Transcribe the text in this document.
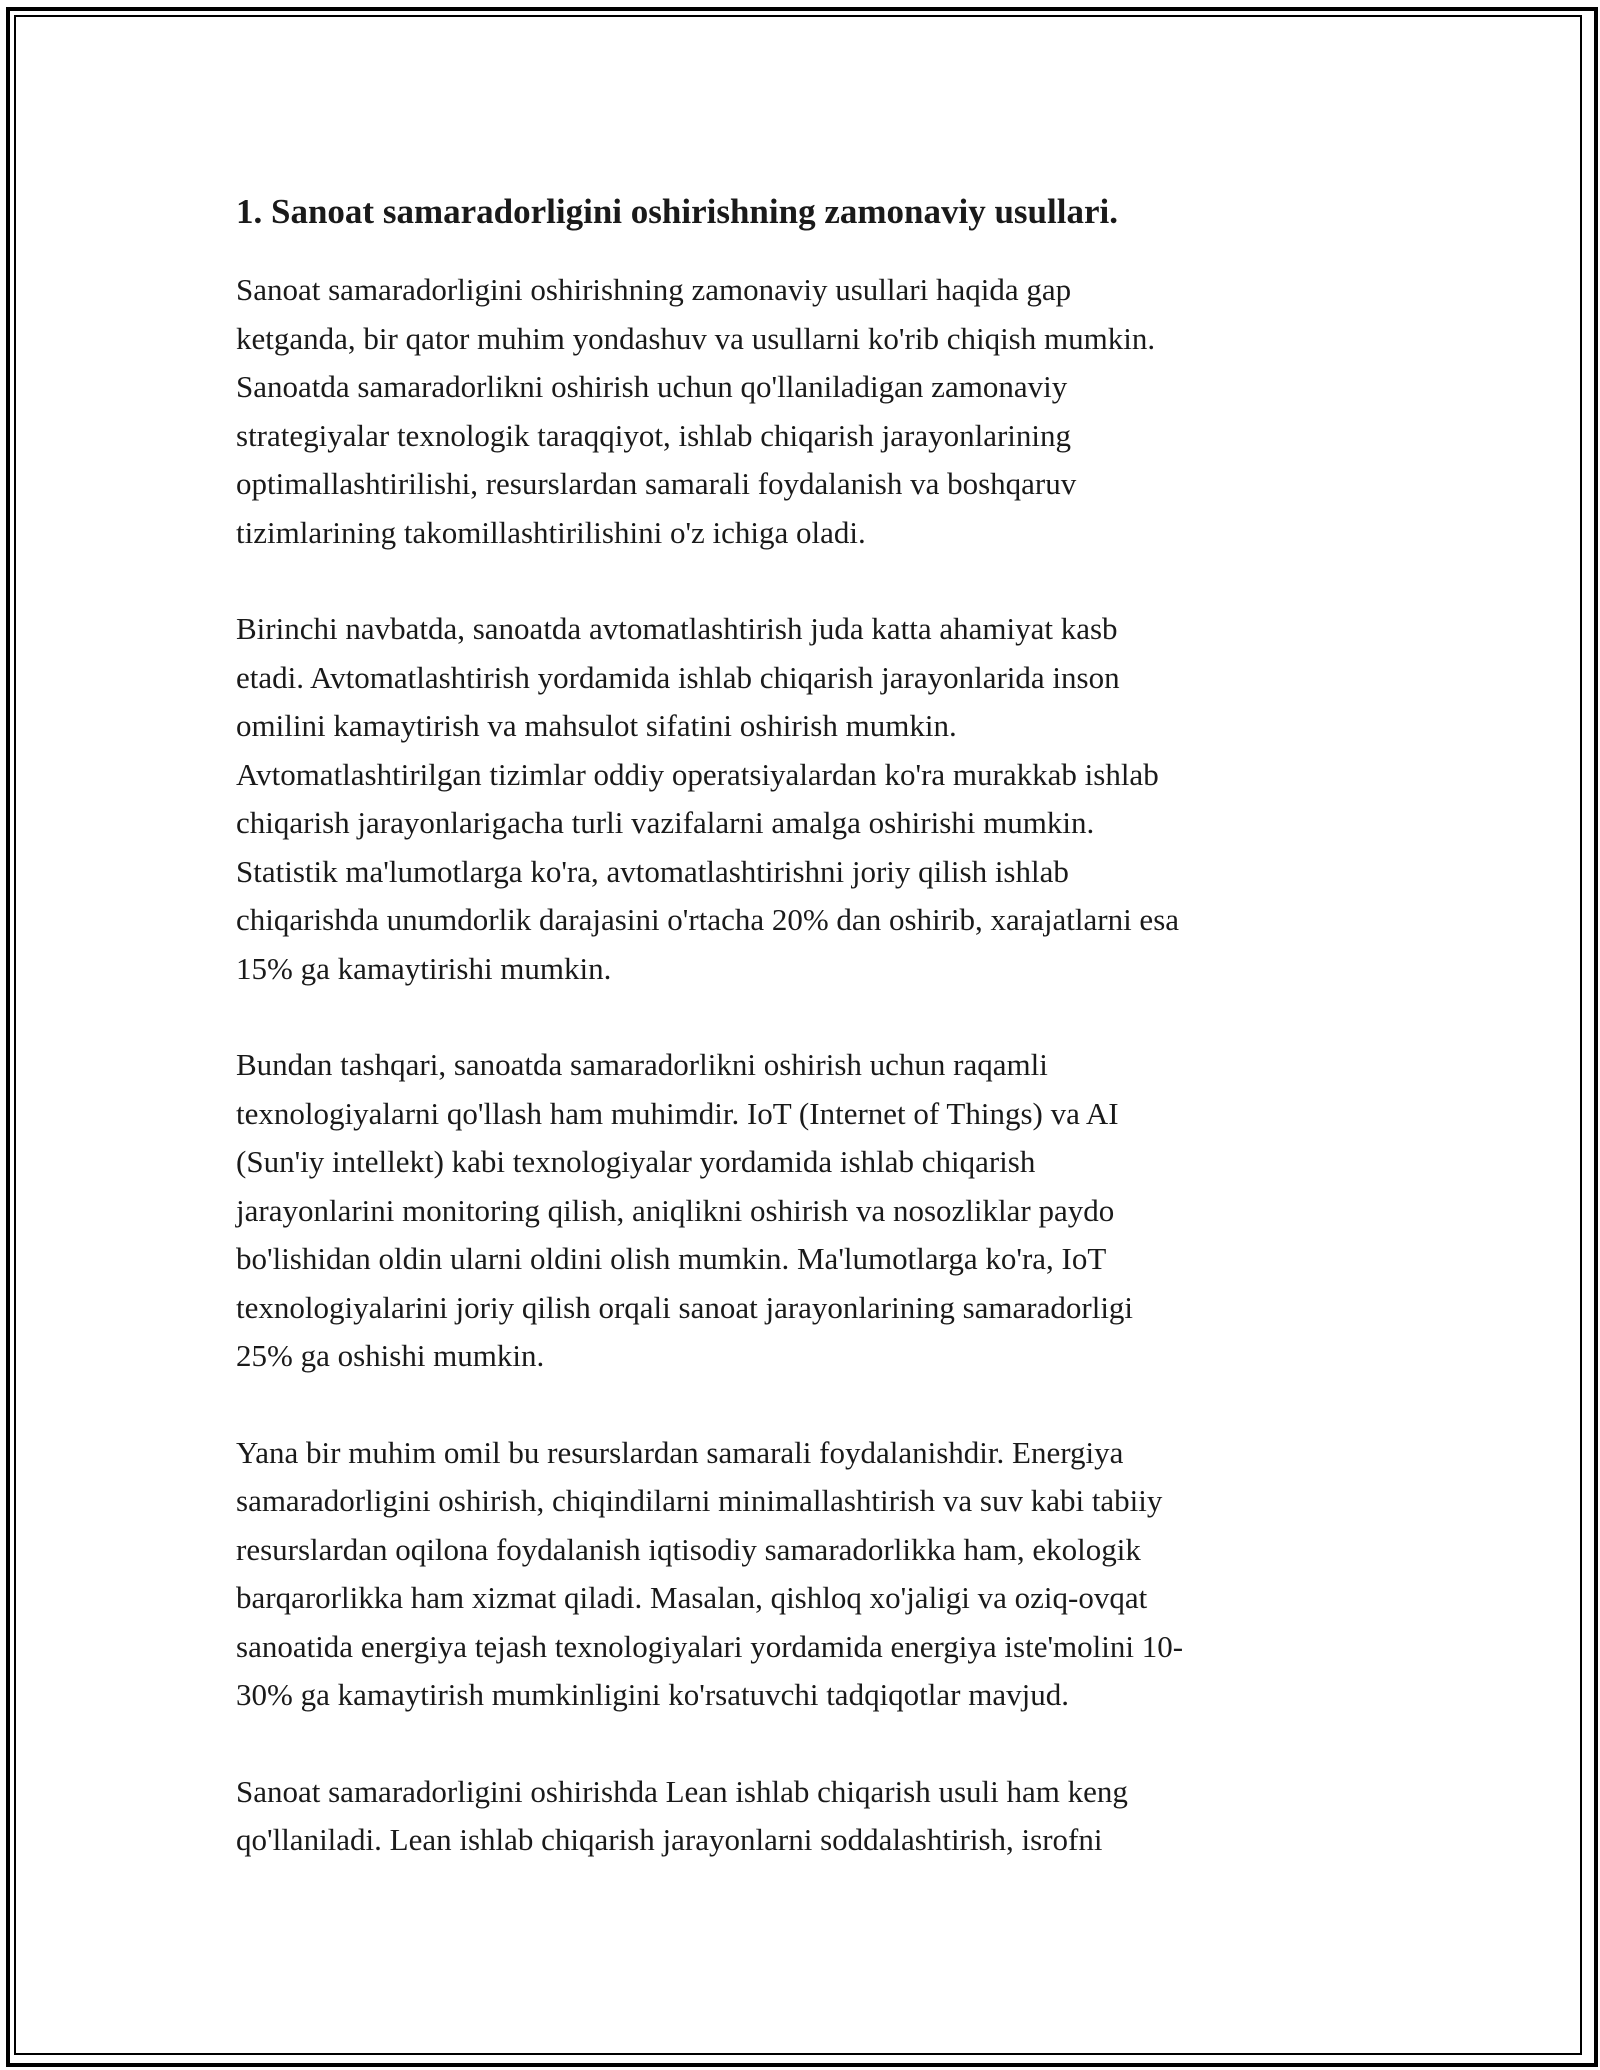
1. Sanoat samaradorligini oshirishning zamonaviy usullari.

Sanoat samaradorligini oshirishning zamonaviy usullari haqida gap
ketganda, bir qator muhim yondashuv va usullarni ko'rib chiqish mumkin.
Sanoatda samaradorlikni oshirish uchun qo'llaniladigan zamonaviy
strategiyalar texnologik taraqqiyot, ishlab chiqarish jarayonlarining
optimallashtirilishi, resurslardan samarali foydalanish va boshqaruv
tizimlarining takomillashtirilishini o'z ichiga oladi.

Birinchi navbatda, sanoatda avtomatlashtirish juda katta ahamiyat kasb
etadi. Avtomatlashtirish yordamida ishlab chiqarish jarayonlarida inson
omilini kamaytirish va mahsulot sifatini oshirish mumkin.
Avtomatlashtirilgan tizimlar oddiy operatsiyalardan ko'ra murakkab ishlab
chiqarish jarayonlarigacha turli vazifalarni amalga oshirishi mumkin.
Statistik ma'lumotlarga ko'ra, avtomatlashtirishni joriy qilish ishlab
chiqarishda unumdorlik darajasini o'rtacha 20% dan oshirib, xarajatlarni esa
15% ga kamaytirishi mumkin.

Bundan tashqari, sanoatda samaradorlikni oshirish uchun raqamli
texnologiyalarni qo'llash ham muhimdir. IoT (Internet of Things) va AI
(Sun'iy intellekt) kabi texnologiyalar yordamida ishlab chiqarish
jarayonlarini monitoring qilish, aniqlikni oshirish va nosozliklar paydo
bo'lishidan oldin ularni oldini olish mumkin. Ma'lumotlarga ko'ra, IoT
texnologiyalarini joriy qilish orqali sanoat jarayonlarining samaradorligi
25% ga oshishi mumkin.

Yana bir muhim omil bu resurslardan samarali foydalanishdir. Energiya
samaradorligini oshirish, chiqindilarni minimallashtirish va suv kabi tabiiy
resurslardan oqilona foydalanish iqtisodiy samaradorlikka ham, ekologik
barqarorlikka ham xizmat qiladi. Masalan, qishloq xo'jaligi va oziq-ovqat
sanoatida energiya tejash texnologiyalari yordamida energiya iste'molini 10-
30% ga kamaytirish mumkinligini ko'rsatuvchi tadqiqotlar mavjud.

Sanoat samaradorligini oshirishda Lean ishlab chiqarish usuli ham keng
qo'llaniladi. Lean ishlab chiqarish jarayonlarni soddalashtirish, isrofni
